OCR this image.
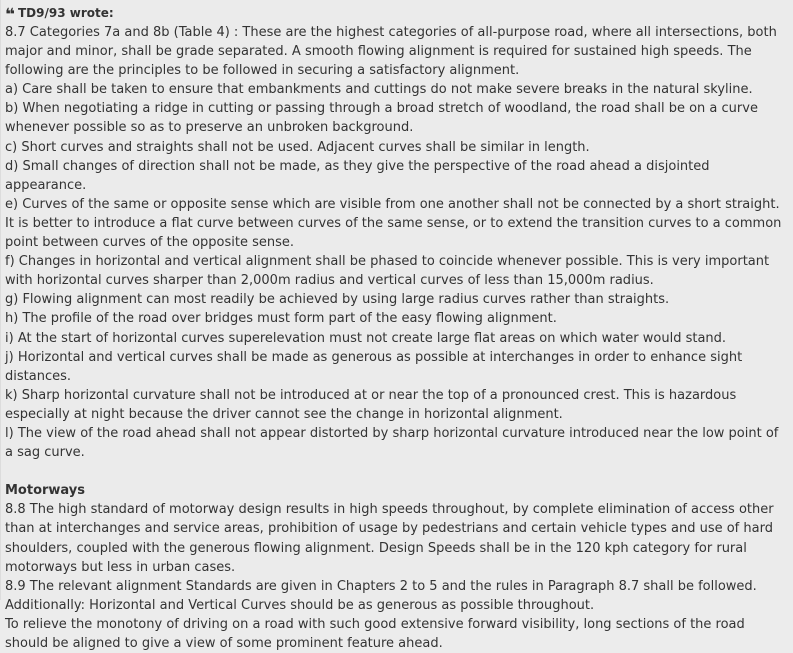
❝ TD9/93 wrote:

8.7 Categories 7a and 8b (Table 4) : These are the highest categories of all-purpose road, where all intersections, both major and minor, shall be grade separated. A smooth flowing alignment is required for sustained high speeds. The following are the principles to be followed in securing a satisfactory alignment.

a) Care shall be taken to ensure that embankments and cuttings do not make severe breaks in the natural skyline.

b) When negotiating a ridge in cutting or passing through a broad stretch of woodland, the road shall be on a curve whenever possible so as to preserve an unbroken background.

c) Short curves and straights shall not be used. Adjacent curves shall be similar in length.

d) Small changes of direction shall not be made, as they give the perspective of the road ahead a disjointed appearance.

e) Curves of the same or opposite sense which are visible from one another shall not be connected by a short straight. It is better to introduce a flat curve between curves of the same sense, or to extend the transition curves to a common point between curves of the opposite sense.

f) Changes in horizontal and vertical alignment shall be phased to coincide whenever possible. This is very important with horizontal curves sharper than 2,000m radius and vertical curves of less than 15,000m radius.

g) Flowing alignment can most readily be achieved by using large radius curves rather than straights.

h) The profile of the road over bridges must form part of the easy flowing alignment.

i) At the start of horizontal curves superelevation must not create large flat areas on which water would stand.

j) Horizontal and vertical curves shall be made as generous as possible at interchanges in order to enhance sight distances.

k) Sharp horizontal curvature shall not be introduced at or near the top of a pronounced crest. This is hazardous especially at night because the driver cannot see the change in horizontal alignment.

l) The view of the road ahead shall not appear distorted by sharp horizontal curvature introduced near the low point of a sag curve.

Motorways

8.8 The high standard of motorway design results in high speeds throughout, by complete elimination of access other than at interchanges and service areas, prohibition of usage by pedestrians and certain vehicle types and use of hard shoulders, coupled with the generous flowing alignment. Design Speeds shall be in the 120 kph category for rural motorways but less in urban cases.

8.9 The relevant alignment Standards are given in Chapters 2 to 5 and the rules in Paragraph 8.7 shall be followed. Additionally: Horizontal and Vertical Curves should be as generous as possible throughout.

To relieve the monotony of driving on a road with such good extensive forward visibility, long sections of the road should be aligned to give a view of some prominent feature ahead.
